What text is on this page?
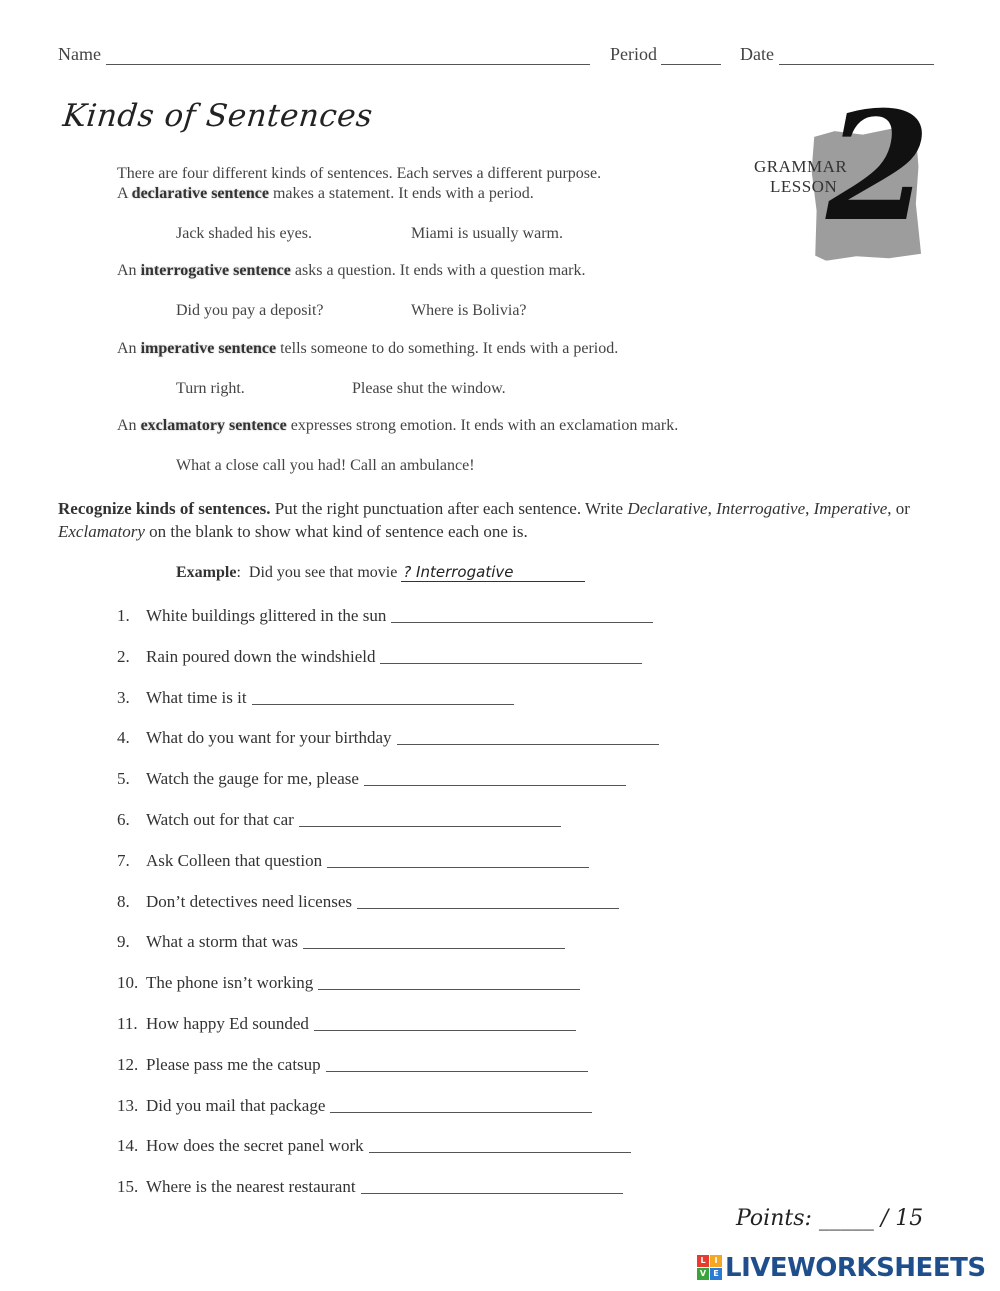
Name	Period	Date
Kinds of Sentences	2
GRAMMAR
LESSON
There are four different kinds of sentences. Each serves a different purpose.
A declarative sentence makes a statement. It ends with a period.
Jack shaded his eyes.	Miami is usually warm.
An interrogative sentence asks a question. It ends with a question mark.
Did you pay a deposit?	Where is Bolivia?
An imperative sentence tells someone to do something. It ends with a period.
Turn right.	Please shut the window.
An exclamatory sentence expresses strong emotion. It ends with an exclamation mark.
What a close call you had! Call an ambulance!
Recognize kinds of sentences. Put the right punctuation after each sentence. Write Declarative, Interrogative, Imperative, or
Exclamatory on the blank to show what kind of sentence each one is.
Example:  Did you see that movie ? Interrogative
1. White buildings glittered in the sun
2. Rain poured down the windshield
3. What time is it
4. What do you want for your birthday
5. Watch the gauge for me, please
6. Watch out for that car
7. Ask Colleen that question
8. Don’t detectives need licenses
9. What a storm that was
10. The phone isn’t working
11. How happy Ed sounded
12. Please pass me the catsup
13. Did you mail that package
14. How does the secret panel work
15. Where is the nearest restaurant
Points: _____ / 15
L	I
V E LIVEWORKSHEETS
